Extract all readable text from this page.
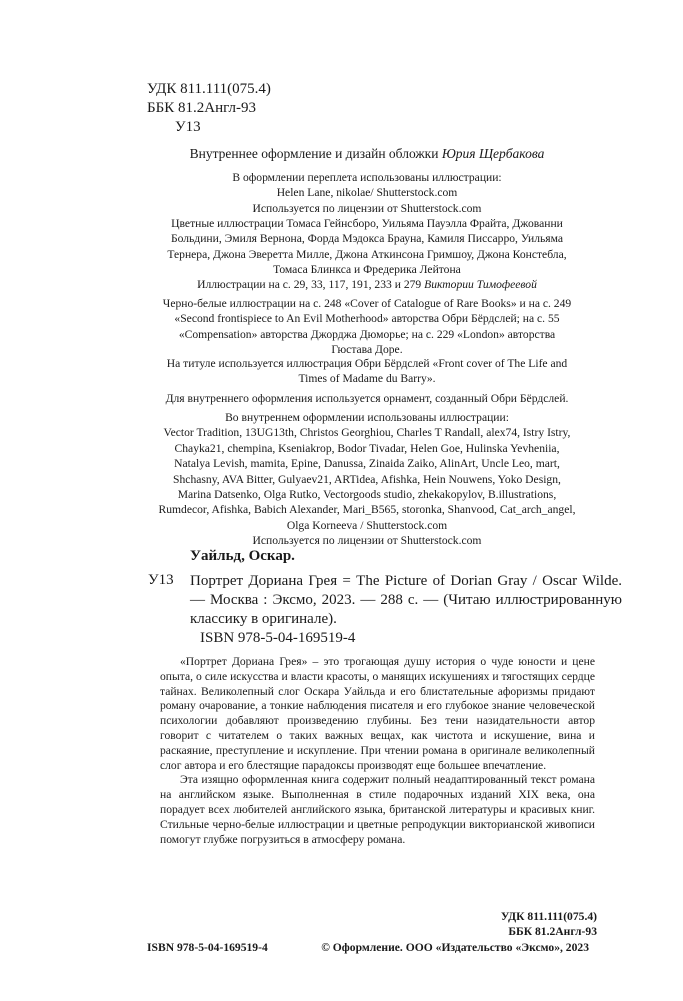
УДК 811.111(075.4)
ББК 81.2Англ-93
У13
Внутреннее оформление и дизайн обложки Юрия Щербакова

В оформлении переплета использованы иллюстрации:

Helen Lane, nikolae/ Shutterstock.com

Используется по лицензии от Shutterstock.com

Цветные иллюстрации Томаса Гейнсборо, Уильяма Пауэлла Фрайта, Джованни Больдини, Эмиля Вернона, Форда Мэдокса Брауна, Камиля Писсарро, Уильяма Тернера, Джона Эверетта Милле, Джона Аткинсона Гримшоу, Джона Констебла, Томаса Блинкса и Фредерика Лейтона

Иллюстрации на с. 29, 33, 117, 191, 233 и 279 Виктории Тимофеевой

Черно-белые иллюстрации на с. 248 «Cover of Catalogue of Rare Books» и на с. 249 «Second frontispiece to An Evil Motherhood» авторства Обри Бёрдслей; на с. 55 «Compensation» авторства Джорджа Дюморье; на с. 229 «London» авторства Гюстава Доре.

На титуле используется иллюстрация Обри Бёрдслей «Front cover of The Life and Times of Madame du Barry».

Для внутреннего оформления используется орнамент, созданный Обри Бёрдслей.

Во внутреннем оформлении использованы иллюстрации:

Vector Tradition, 13UG13th, Christos Georghiou, Charles T Randall, alex74, Istry Istry, Chayka21, chempina, Kseniakrop, Bodor Tivadar, Helen Goe, Hulinska Yevheniia, Natalya Levish, mamita, Epine, Danussa, Zinaida Zaiko, AlinArt, Uncle Leo, mart, Shchasny, AVA Bitter, Gulyaev21, ARTidea, Afishka, Hein Nouwens, Yoko Design, Marina Datsenko, Olga Rutko, Vectorgoods studio, zhekakopylov, B.illustrations, Rumdecor, Afishka, Babich Alexander, Mari_B565, storonka, Shanvood, Cat_arch_angel, Olga Korneeva / Shutterstock.com

Используется по лицензии от Shutterstock.com

Уайльд, Оскар.
У13 Портрет Дориана Грея = The Picture of Dorian Gray / Oscar Wilde. — Москва : Эксмо, 2023. — 288 с. — (Читаю иллюстрированную классику в оригинале).
ISBN 978-5-04-169519-4

«Портрет Дориана Грея» – это трогающая душу история о чуде юности и цене опыта, о силе искусства и власти красоты, о манящих искушениях и тягостящих сердце тайнах. Великолепный слог Оскара Уайльда и его блистательные афоризмы придают роману очарование, а тонкие наблюдения писателя и его глубокое знание человеческой психологии добавляют произведению глубины. Без тени назидательности автор говорит с читателем о таких важных вещах, как чистота и искушение, вина и раскаяние, преступление и искупление. При чтении романа в оригинале великолепный слог автора и его блестящие парадоксы производят еще большее впечатление.

Эта изящно оформленная книга содержит полный неадаптированный текст романа на английском языке. Выполненная в стиле подарочных изданий XIX века, она порадует всех любителей английского языка, британской литературы и красивых книг. Стильные черно-белые иллюстрации и цветные репродукции викторианской живописи помогут глубже погрузиться в атмосферу романа.

УДК 811.111(075.4)
ББК 81.2Англ-93
ISBN 978-5-04-169519-4	© Оформление. ООО «Издательство «Эксмо», 2023
